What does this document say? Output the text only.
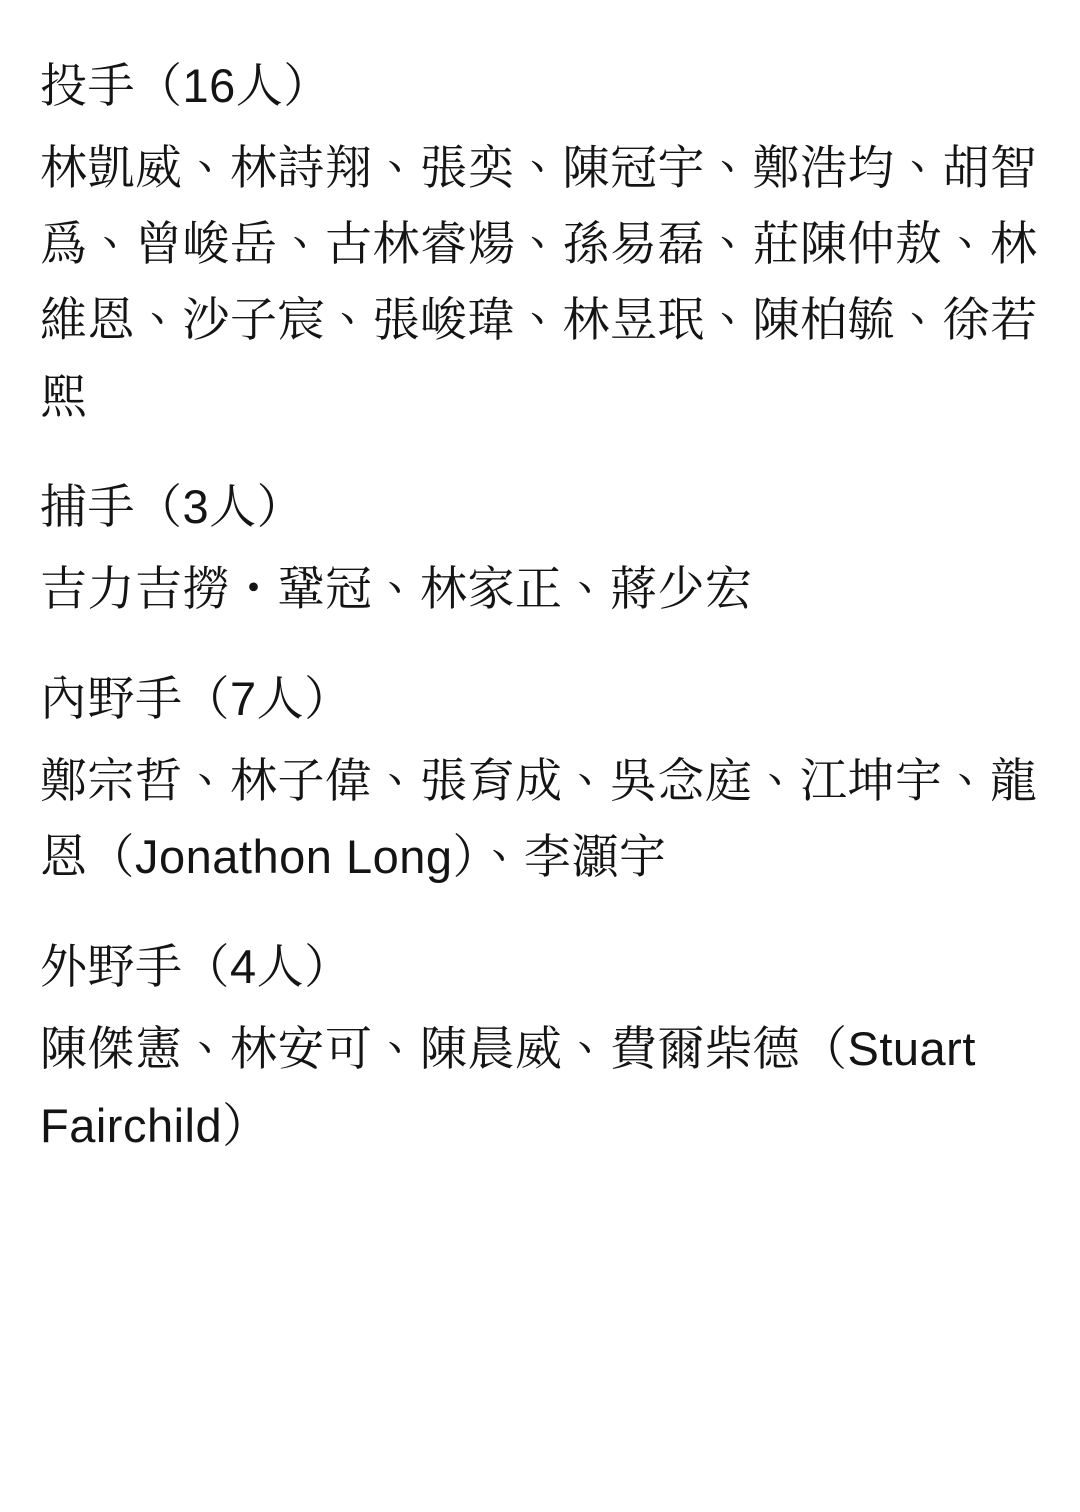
投手（16人）

林凱威、林詩翔、張奕、陳冠宇、鄭浩均、胡智爲、曾峻岳、古林睿煬、孫易磊、莊陳仲敖、林維恩、沙子宸、張峻瑋、林昱珉、陳柏毓、徐若熙

捕手（3人）

吉力吉撈・鞏冠、林家正、蔣少宏

內野手（7人）

鄭宗哲、林子偉、張育成、吳念庭、江坤宇、龍恩（Jonathon Long）、李灝宇

外野手（4人）

陳傑憲、林安可、陳晨威、費爾柴德（Stuart Fairchild）
